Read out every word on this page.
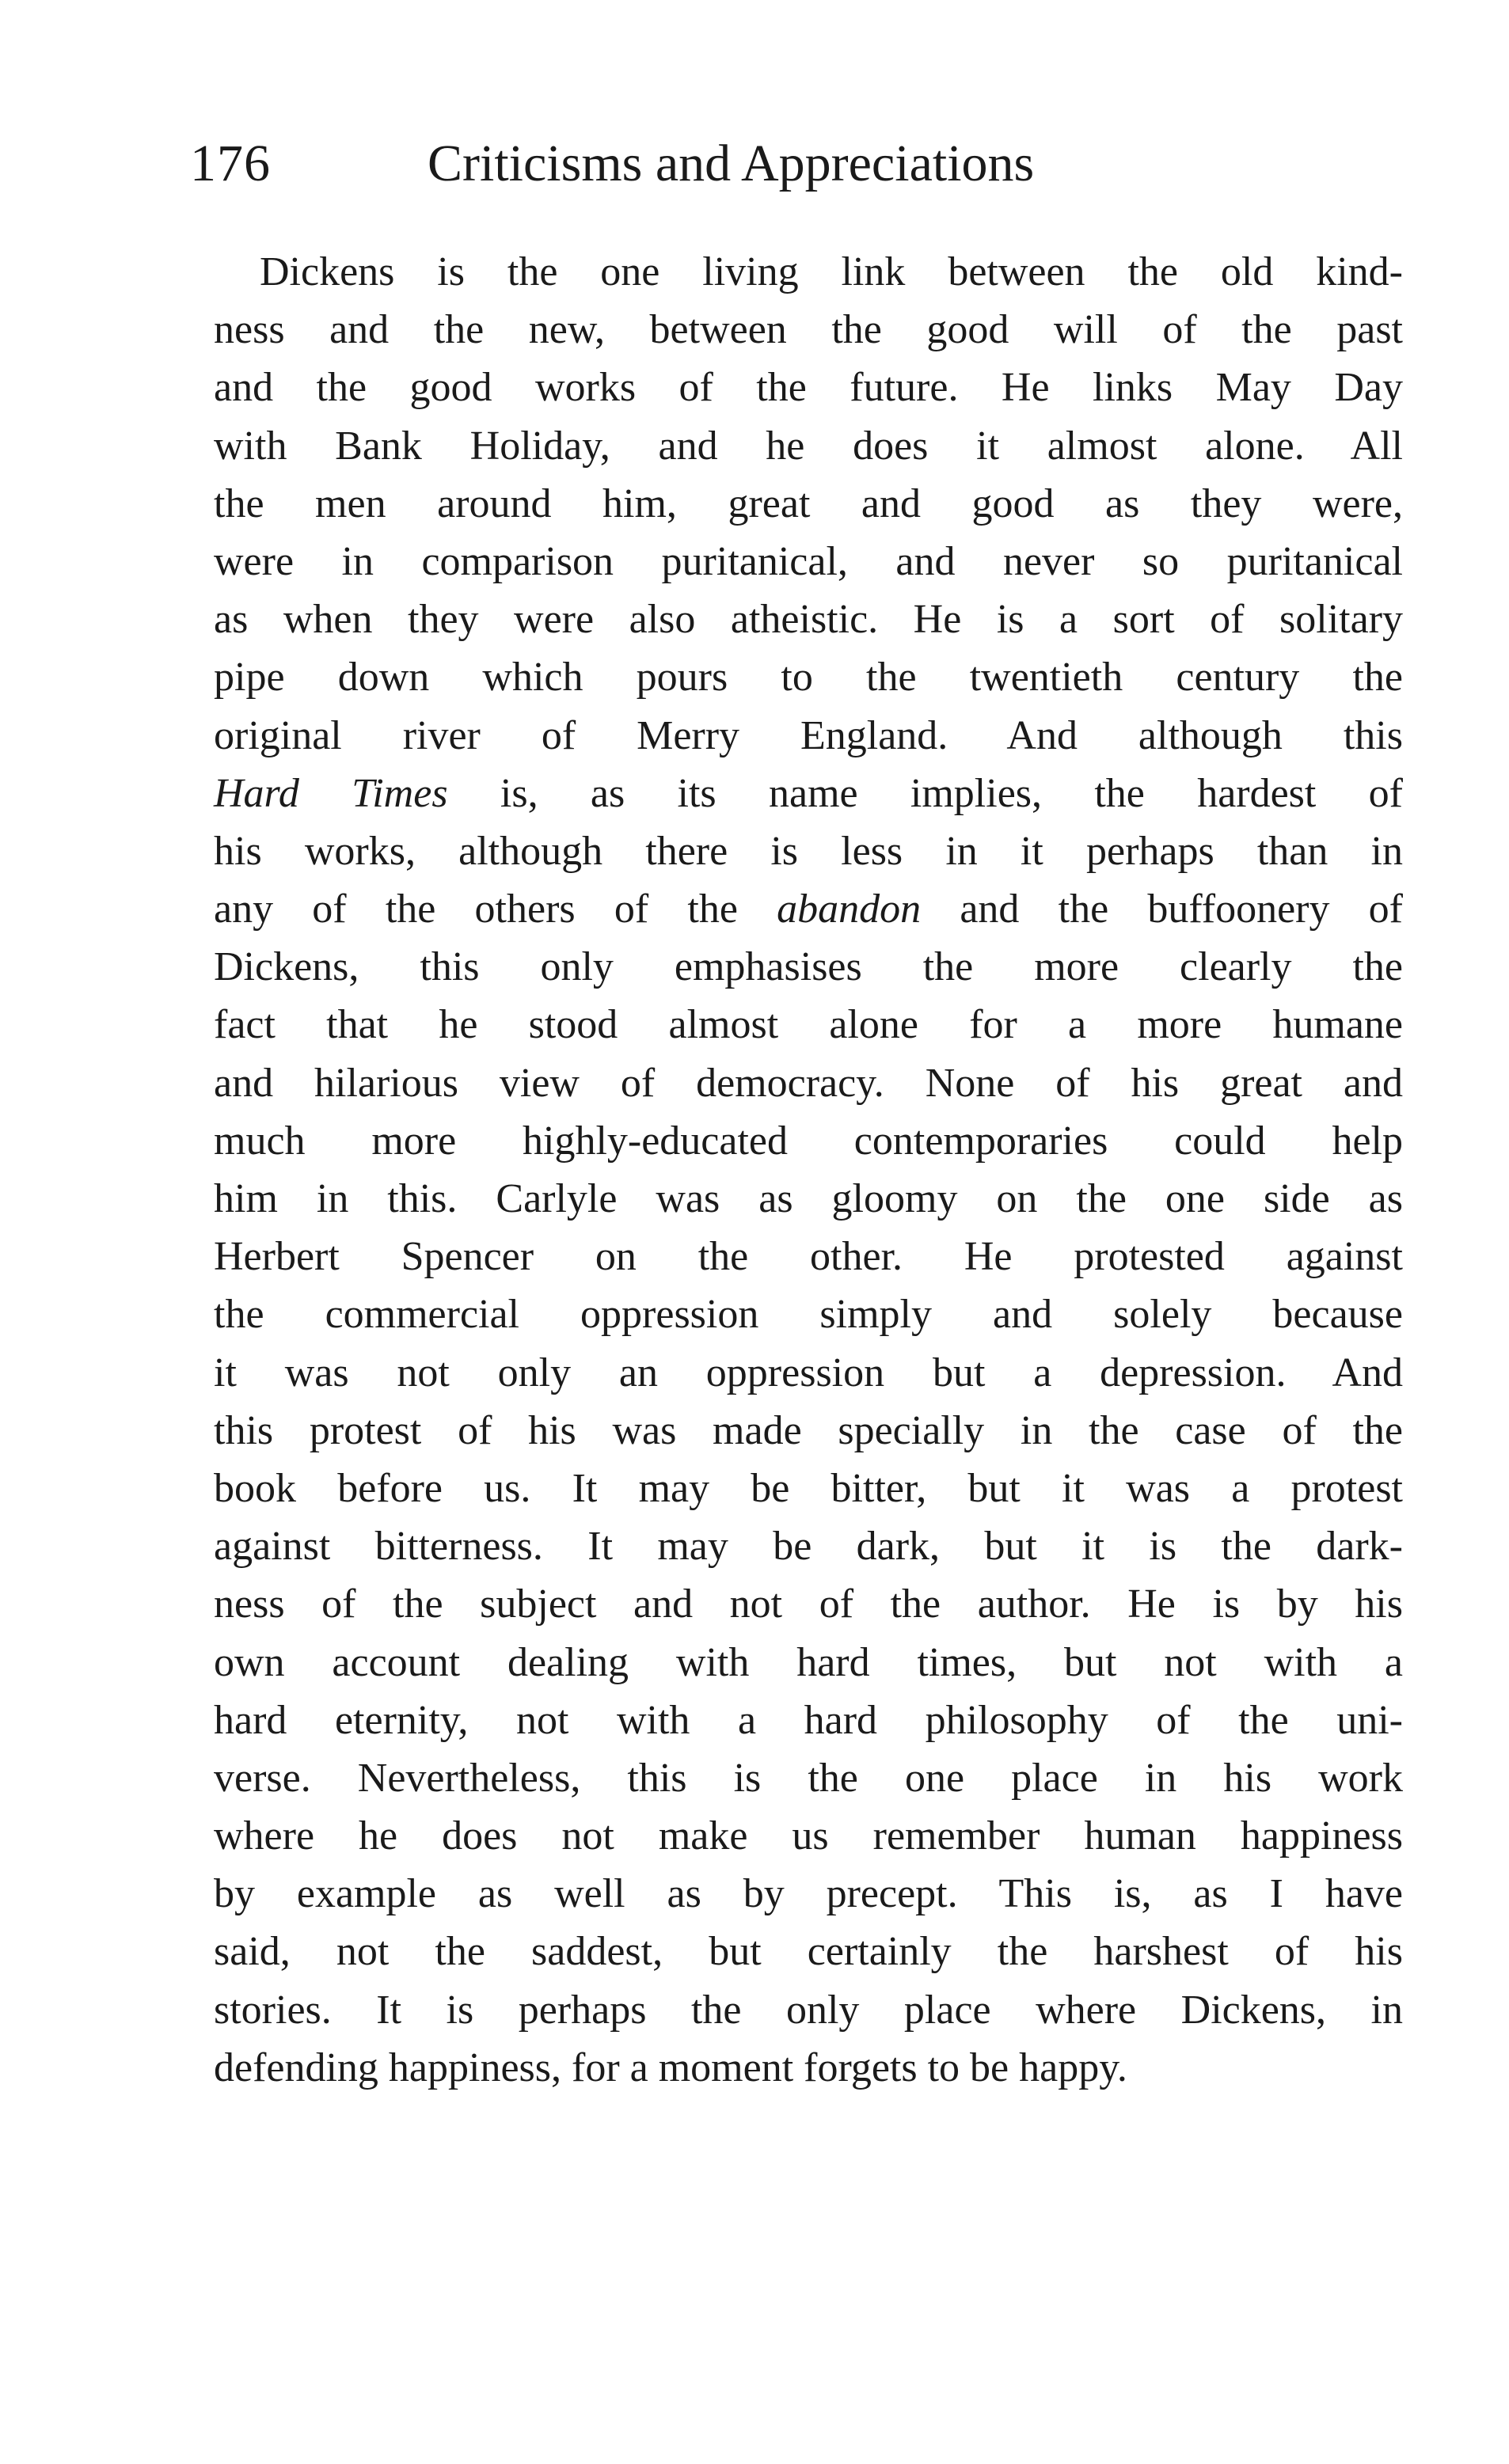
176	Criticisms and Appreciations
Dickens is the one living link between the old kind-
ness and the new, between the good will of the past
and the good works of the future. He links May Day
with Bank Holiday, and he does it almost alone. All
the men around him, great and good as they were,
were in comparison puritanical, and never so puritanical
as when they were also atheistic. He is a sort of solitary
pipe down which pours to the twentieth century the
original river of Merry England. And although this
Hard Times is, as its name implies, the hardest of
his works, although there is less in it perhaps than in
any of the others of the abandon and the buffoonery of
Dickens, this only emphasises the more clearly the
fact that he stood almost alone for a more humane
and hilarious view of democracy. None of his great and
much more highly-educated contemporaries could help
him in this. Carlyle was as gloomy on the one side as
Herbert Spencer on the other. He protested against
the commercial oppression simply and solely because
it was not only an oppression but a depression. And
this protest of his was made specially in the case of the
book before us. It may be bitter, but it was a protest
against bitterness. It may be dark, but it is the dark-
ness of the subject and not of the author. He is by his
own account dealing with hard times, but not with a
hard eternity, not with a hard philosophy of the uni-
verse. Nevertheless, this is the one place in his work
where he does not make us remember human happiness
by example as well as by precept. This is, as I have
said, not the saddest, but certainly the harshest of his
stories. It is perhaps the only place where Dickens, in
defending happiness, for a moment forgets to be happy.
